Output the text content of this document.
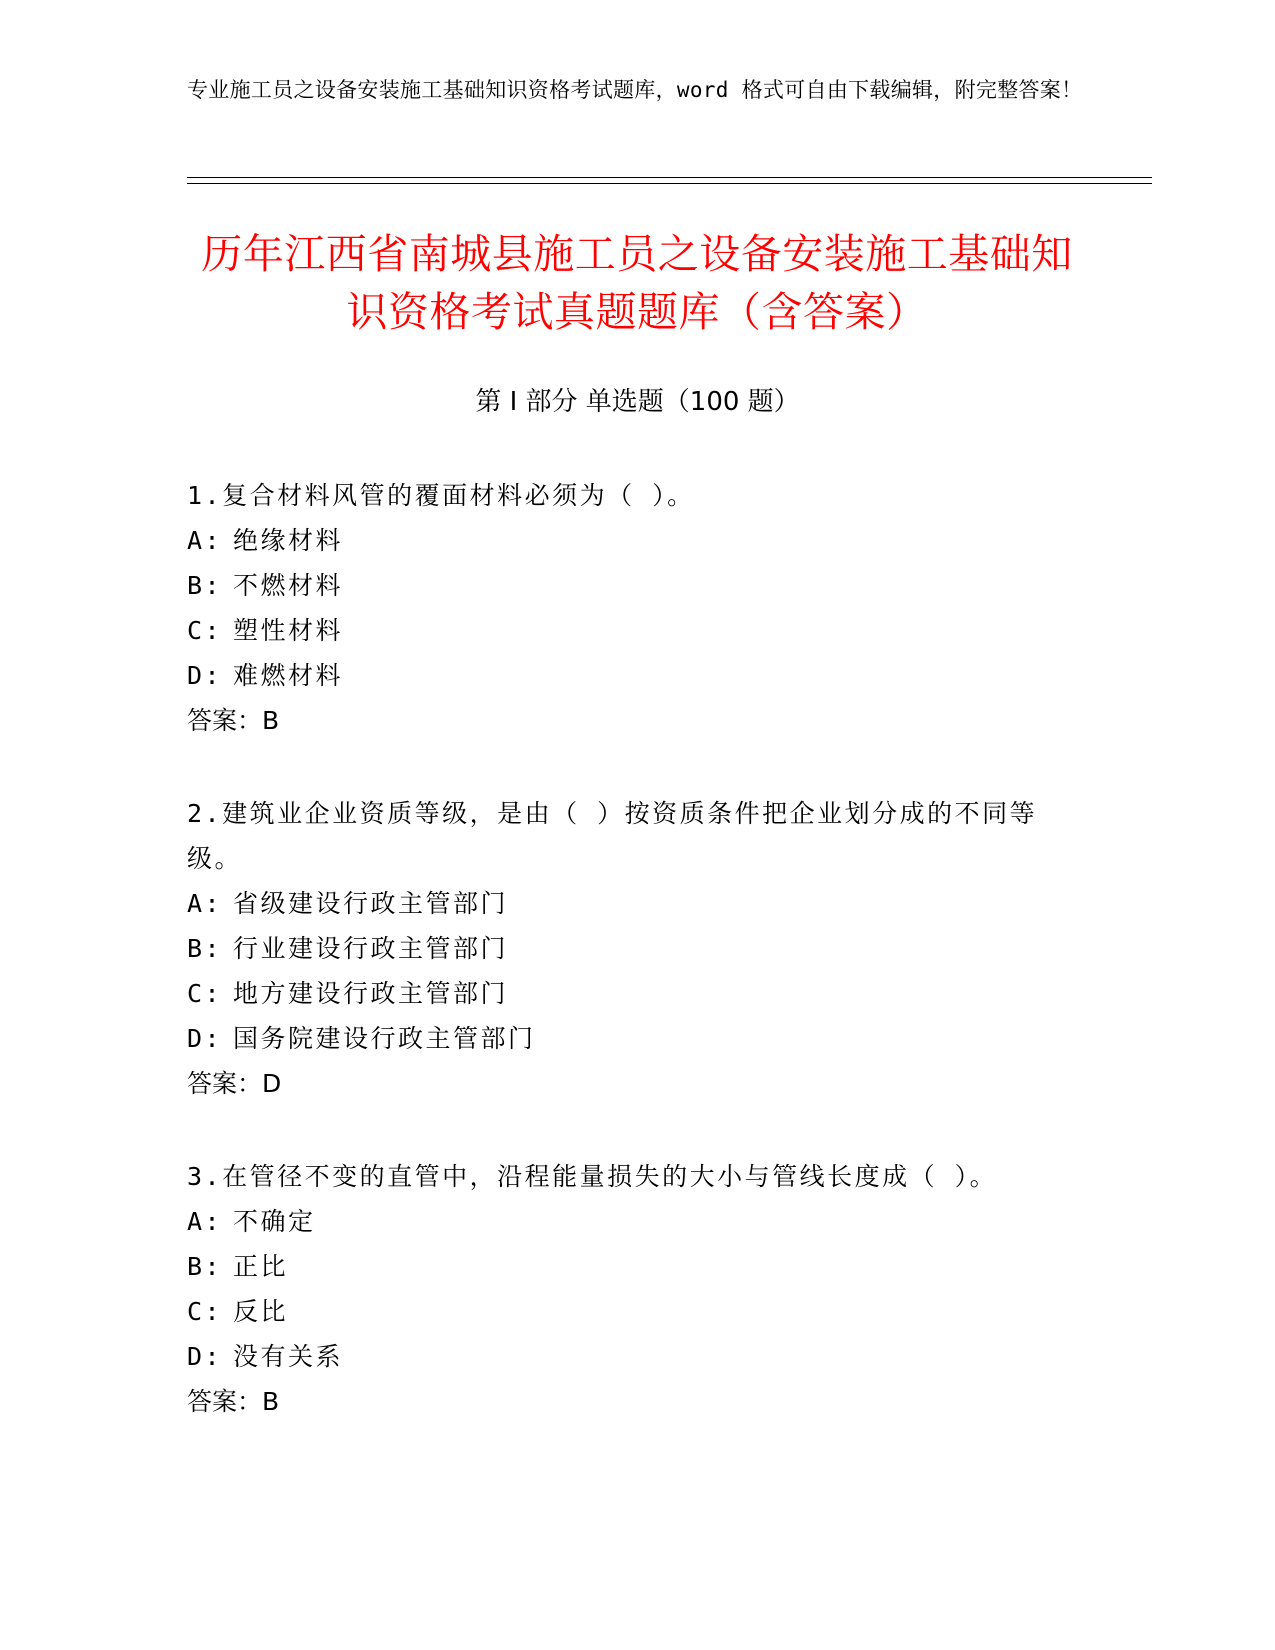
专业施工员之设备安装施工基础知识资格考试题库，word 格式可自由下载编辑，附完整答案！
历年江西省南城县施工员之设备安装施工基础知识资格考试真题题库（含答案）
第 I 部分 单选题（100 题）
1.复合材料风管的覆面材料必须为（ ）。
A: 绝缘材料
B: 不燃材料
C: 塑性材料
D: 难燃材料
答案：B
2.建筑业企业资质等级，是由（ ）按资质条件把企业划分成的不同等级。
A: 省级建设行政主管部门
B: 行业建设行政主管部门
C: 地方建设行政主管部门
D: 国务院建设行政主管部门
答案：D
3.在管径不变的直管中，沿程能量损失的大小与管线长度成（ ）。
A: 不确定
B: 正比
C: 反比
D: 没有关系
答案：B
